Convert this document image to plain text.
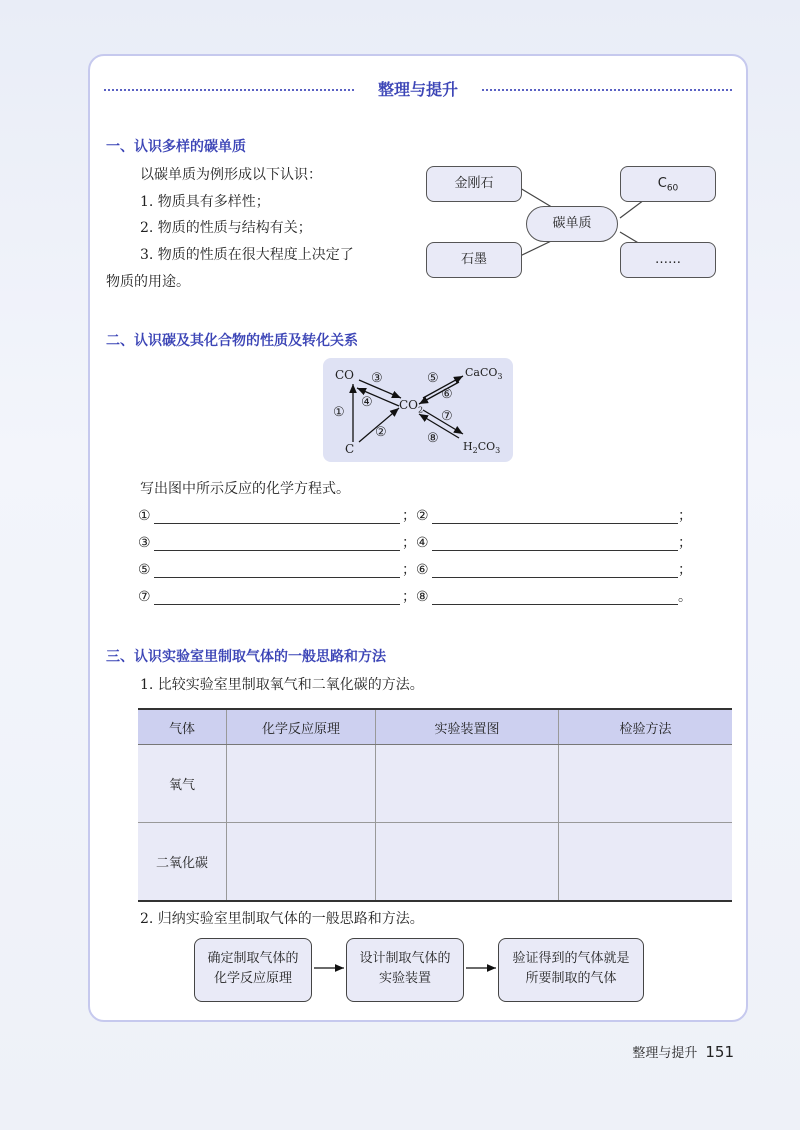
整理与提升
一、认识多样的碳单质
以碳单质为例形成以下认识：
1. 物质具有多样性；
2. 物质的性质与结构有关；
3. 物质的性质在很大程度上决定了
物质的用途。
金刚石	$C_{60}$
碳单质
石墨	……
二、认识碳及其化合物的性质及转化关系
CO
C
$CO_2$
CaCO$_3$
$H_2CO_3$
①
②
③
④
⑤
⑥
⑦
⑧
写出图中所示反应的化学方程式。
①	； ②	；
③	； ④	；
⑤	； ⑥	；
⑦	； ⑧	。
三、认识实验室里制取气体的一般思路和方法
1. 比较实验室里制取氧气和二氧化碳的方法。
气体	化学反应原理	实验装置图	检验方法
氧气			
二氧化碳			
2. 归纳实验室里制取气体的一般思路和方法。
确定制取气体的
化学反应原理
设计制取气体的
实验装置
验证得到的气体就是
所要制取的气体
整理与提升 151
